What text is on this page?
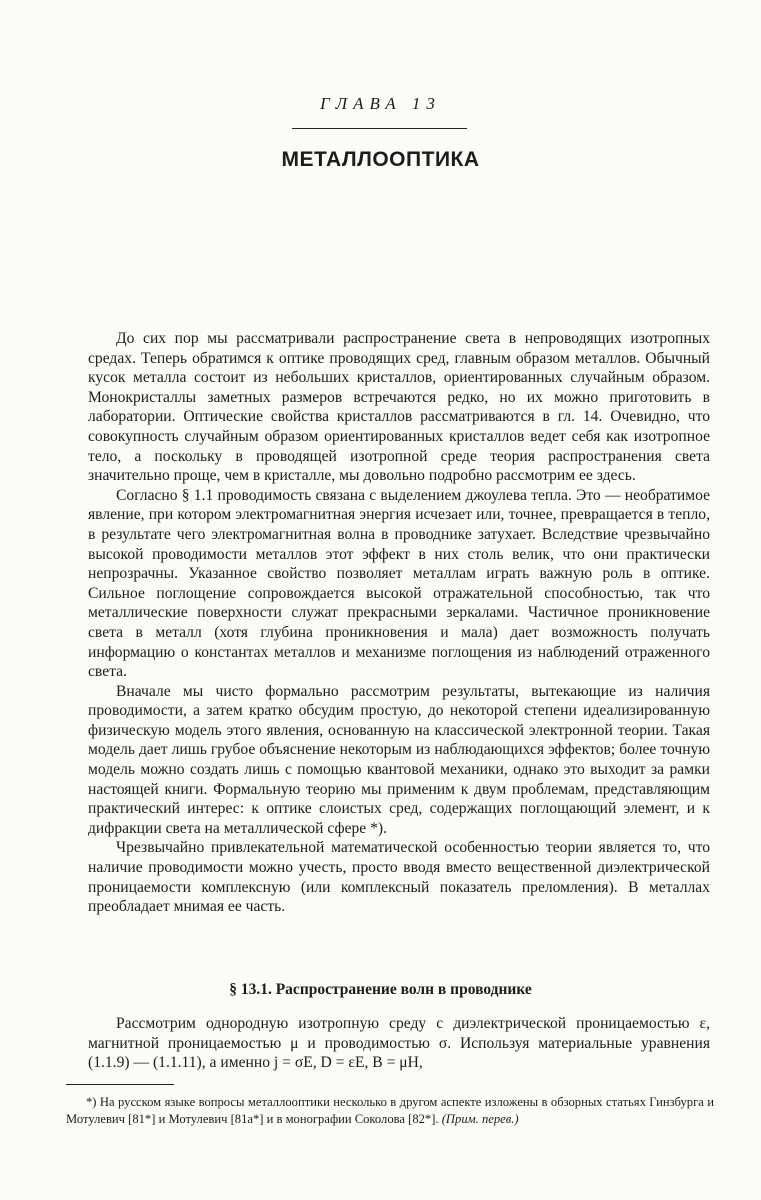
ГЛАВА 13
МЕТАЛЛООПТИКА

До сих пор мы рассматривали распространение света в непроводящих изотропных средах. Теперь обратимся к оптике проводящих сред, главным образом металлов. Обычный кусок металла состоит из небольших кристаллов, ориентированных случайным образом. Монокристаллы заметных размеров встречаются редко, но их можно приготовить в лаборатории. Оптические свойства кристаллов рассматриваются в гл. 14. Очевидно, что совокупность случайным образом ориентированных кристаллов ведет себя как изотропное тело, а поскольку в проводящей изотропной среде теория распространения света значительно проще, чем в кристалле, мы довольно подробно рассмотрим ее здесь.

Согласно § 1.1 проводимость связана с выделением джоулева тепла. Это — необратимое явление, при котором электромагнитная энергия исчезает или, точнее, превращается в тепло, в результате чего электромагнитная волна в проводнике затухает. Вследствие чрезвычайно высокой проводимости металлов этот эффект в них столь велик, что они практически непрозрачны. Указанное свойство позволяет металлам играть важную роль в оптике. Сильное поглощение сопровождается высокой отражательной способностью, так что металлические поверхности служат прекрасными зеркалами. Частичное проникновение света в металл (хотя глубина проникновения и мала) дает возможность получать информацию о константах металлов и механизме поглощения из наблюдений отраженного света.

Вначале мы чисто формально рассмотрим результаты, вытекающие из наличия проводимости, а затем кратко обсудим простую, до некоторой степени идеализированную физическую модель этого явления, основанную на классической электронной теории. Такая модель дает лишь грубое объяснение некоторым из наблюдающихся эффектов; более точную модель можно создать лишь с помощью квантовой механики, однако это выходит за рамки настоящей книги. Формальную теорию мы применим к двум проблемам, представляющим практический интерес: к оптике слоистых сред, содержащих поглощающий элемент, и к дифракции света на металлической сфере *).

Чрезвычайно привлекательной математической особенностью теории является то, что наличие проводимости можно учесть, просто вводя вместо вещественной диэлектрической проницаемости комплексную (или комплексный показатель преломления). В металлах преобладает мнимая ее часть.

§ 13.1. Распространение волн в проводнике

Рассмотрим однородную изотропную среду с диэлектрической проницаемостью ε, магнитной проницаемостью μ и проводимостью σ. Используя материальные уравнения (1.1.9) — (1.1.11), а именно j = σE, D = εE, B = μH,

*) На русском языке вопросы металлооптики несколько в другом аспекте изложены в обзорных статьях Гинзбурга и Мотулевич [81*] и Мотулевич [81а*] и в монографии Соколова [82*]. (Прим. перев.)
